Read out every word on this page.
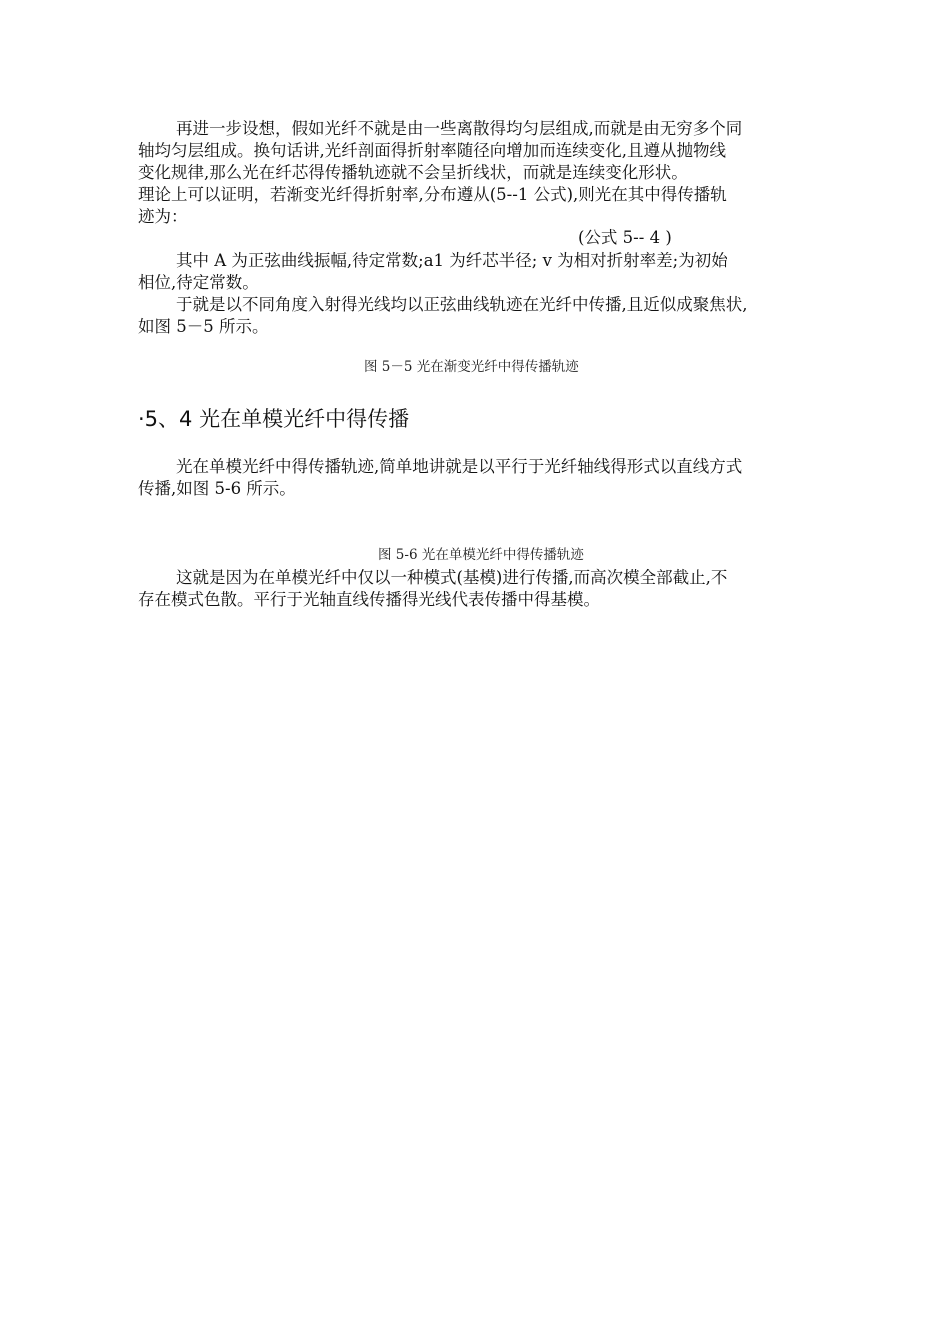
再进一步设想，假如光纤不就是由一些离散得均匀层组成,而就是由无穷多个同
轴均匀层组成。换句话讲,光纤剖面得折射率随径向增加而连续变化,且遵从抛物线
变化规律,那么光在纤芯得传播轨迹就不会呈折线状，而就是连续变化形状。
理论上可以证明，若渐变光纤得折射率,分布遵从(5--1 公式),则光在其中得传播轨
迹为：
(公式 5-- 4 )
其中 A 为正弦曲线振幅,待定常数;a1 为纤芯半径; v 为相对折射率差;为初始
相位,待定常数。
于就是以不同角度入射得光线均以正弦曲线轨迹在光纤中传播,且近似成聚焦状,
如图 5－5 所示。
图 5－5 光在渐变光纤中得传播轨迹
·5、4 光在单模光纤中得传播
光在单模光纤中得传播轨迹,简单地讲就是以平行于光纤轴线得形式以直线方式
传播,如图 5-6 所示。
图 5-6 光在单模光纤中得传播轨迹
这就是因为在单模光纤中仅以一种模式(基模)进行传播,而高次模全部截止,不
存在模式色散。平行于光轴直线传播得光线代表传播中得基模。
